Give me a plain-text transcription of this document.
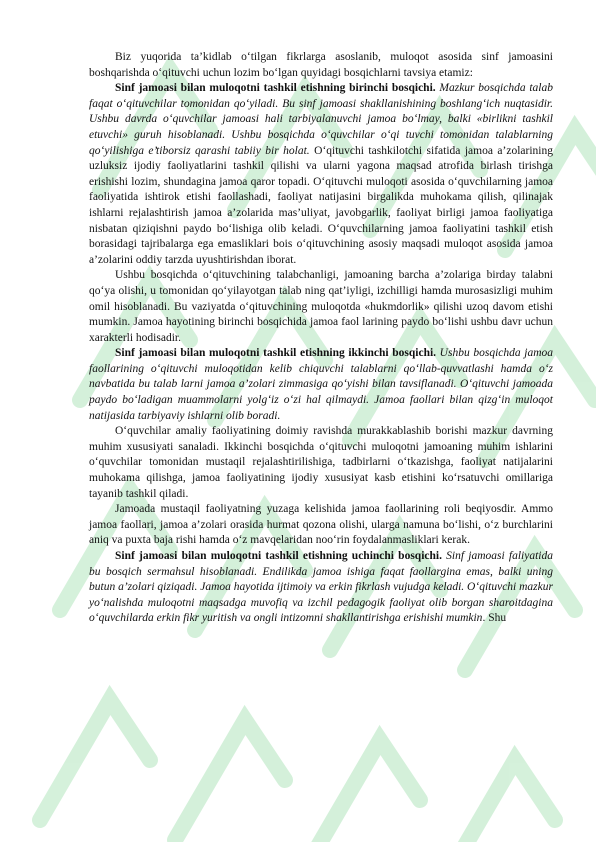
Biz yuqorida ta’kidlab o‘tilgan fikrlarga asoslanib, muloqot asosida sinf jamoasini boshqarishda o‘qituvchi uchun lozim bo‘lgan quyidagi bosqichlarni tavsiya etamiz:

Sinf jamoasi bilan muloqotni tashkil etishning birinchi bosqichi. Mazkur bosqichda talab faqat o‘qituvchilar tomonidan qo‘yiladi. Bu sinf jamoasi shakllanishining boshlang‘ich nuqtasidir. Ushbu davrda o‘quvchilar jamoasi hali tarbiyalanuvchi jamoa bo‘lmay, balki «birlikni tashkil etuvchi» guruh hisoblanadi. Ushbu bosqichda o‘quvchilar o‘qi tuvchi tomonidan talablarning qo‘yilishiga e’tiborsiz qarashi tabiiy bir holat. O‘qituvchi tashkilotchi sifatida jamoa a’zolarining uzluksiz ijodiy faoliyatlarini tashkil qilishi va ularni yagona maqsad atrofida birlash tirishga erishishi lozim, shundagina jamoa qaror topadi. O‘qituvchi muloqoti asosida o‘quvchilarning jamoa faoliyatida ishtirok etishi faollashadi, faoliyat natijasini birgalikda muhokama qilish, qilinajak ishlarni rejalashtirish jamoa a’zolarida mas’uliyat, javobgarlik, faoliyat birligi jamoa faoliyatiga nisbatan qiziqishni paydo bo‘lishiga olib keladi. O‘quvchilarning jamoa faoliyatini tashkil etish borasidagi tajribalarga ega emasliklari bois o‘qituvchining asosiy maqsadi muloqot asosida jamoa a’zolarini oddiy tarzda uyushtirishdan iborat.

Ushbu bosqichda o‘qituvchining talabchanligi, jamoaning barcha a’zolariga birday talabni qo‘ya olishi, u tomonidan qo‘yilayotgan talab ning qat’iyligi, izchilligi hamda murosasizligi muhim omil hisoblanadi. Bu vaziyatda o‘qituvchining muloqotda «hukmdorlik» qilishi uzoq davom etishi mumkin. Jamoa hayotining birinchi bosqichida jamoa faol larining paydo bo‘lishi ushbu davr uchun xarakterli hodisadir.

Sinf jamoasi bilan muloqotni tashkil etishning ikkinchi bosqichi. Ushbu bosqichda jamoa faollarining o‘qituvchi muloqotidan kelib chiquvchi talablarni qo‘llab-quvvatlashi hamda o‘z navbatida bu talab larni jamoa a’zolari zimmasiga qo‘yishi bilan tavsiflanadi. O‘qituvchi jamoada paydo bo‘ladigan muammolarni yolg‘iz o‘zi hal qilmaydi. Jamoa faollari bilan qizg‘in muloqot natijasida tarbiyaviy ishlarni olib boradi.

O‘quvchilar amaliy faoliyatining doimiy ravishda murakkablashib borishi mazkur davrning muhim xususiyati sanaladi. Ikkinchi bosqichda o‘qituvchi muloqotni jamoaning muhim ishlarini o‘quvchilar tomonidan mustaqil rejalashtirilishiga, tadbirlarni o‘tkazishga, faoliyat natijalarini muhokama qilishga, jamoa faoliyatining ijodiy xususiyat kasb etishini ko‘rsatuvchi omillariga tayanib tashkil qiladi.

Jamoada mustaqil faoliyatning yuzaga kelishida jamoa faollarining roli beqiyosdir. Ammo jamoa faollari, jamoa a’zolari orasida hurmat qozona olishi, ularga namuna bo‘lishi, o‘z burchlarini aniq va puxta baja rishi hamda o‘z mavqelaridan noo‘rin foydalanmasliklari kerak.

Sinf jamoasi bilan muloqotni tashkil etishning uchinchi bosqichi. Sinf jamoasi faliyatida bu bosqich sermahsul hisoblanadi. Endilikda jamoa ishiga faqat faollargina emas, balki uning butun a’zolari qiziqadi. Jamoa hayotida ijtimoiy va erkin fikrlash vujudga keladi. O‘qituvchi mazkur yo‘nalishda muloqotni maqsadga muvofiq va izchil pedagogik faoliyat olib borgan sharoitdagina o‘quvchilarda erkin fikr yuritish va ongli intizomni shakllantirishga erishishi mumkin. Shu
